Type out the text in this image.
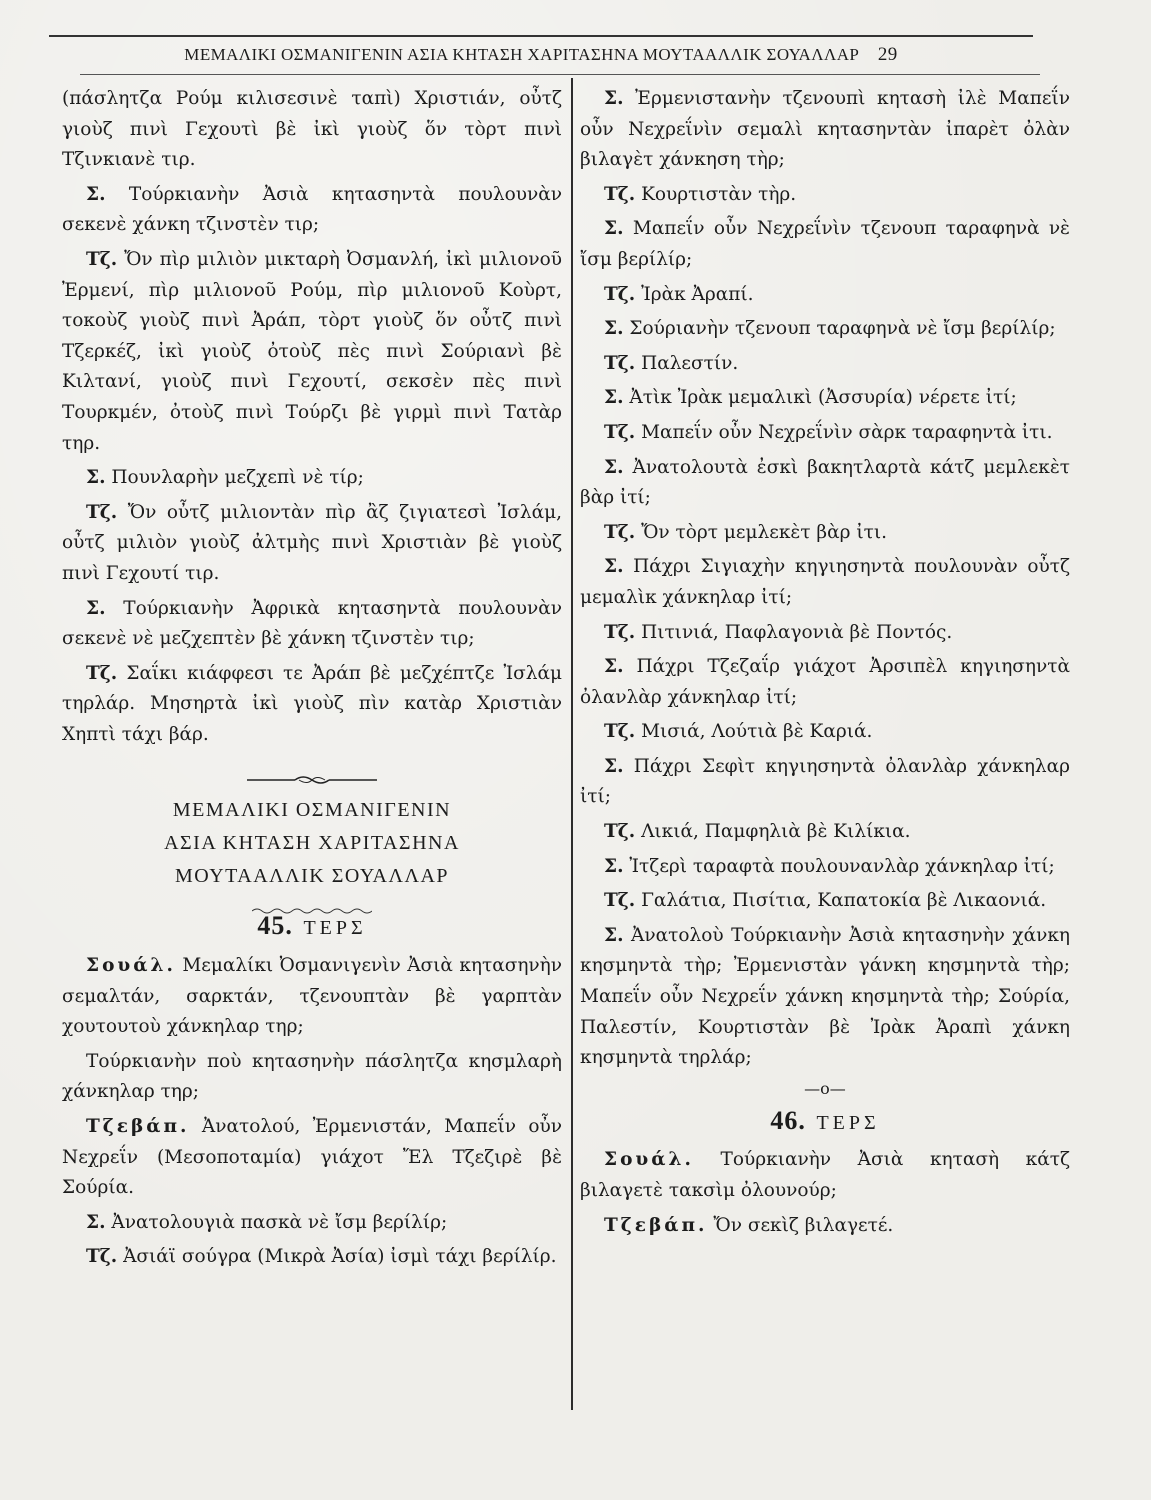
ΜΕΜΑΛΙΚΙ ΟΣΜΑΝΙΓΕΝΙΝ ΑΣΙΑ ΚΗΤΑΣΗ ΧΑΡΙΤΑΣΗΝΑ ΜΟΥΤΑΑΛΛΙΚ ΣΟΥΑΛΛΑΡ 29

(πάσλητζα Ρούμ κιλισεσινὲ ταπὶ) Χριστιάν, οὖτζ γιοὺζ πινὶ Γεχουτὶ βὲ ἰκὶ γιοὺζ ὅν τὸρτ πινὶ Τζινκιανὲ τιρ.

Σ. Τούρκιανὴν Ἀσιὰ κητασηντὰ πουλουνὰν σεκενὲ χάνκη τζινστὲν τιρ;

Τζ. Ὄν πὶρ μιλιὸν μικταρὴ Ὀσμανλή, ἰκὶ μιλιονοῦ Ἐρμενί, πὶρ μιλιονοῦ Ρούμ, πὶρ μιλιονοῦ Κοὺρτ, τοκοὺζ γιοὺζ πινὶ Ἀράπ, τὸρτ γιοὺζ ὅν οὖτζ πινὶ Τζερκέζ, ἰκὶ γιοὺζ ὀτοὺζ πὲς πινὶ Σούριανὶ βὲ Κιλτανί, γιοὺζ πινὶ Γεχουτί, σεκσὲν πὲς πινὶ Τουρκμέν, ὀτοὺζ πινὶ Τούρζι βὲ γιρμὶ πινὶ Τατὰρ τηρ.

Σ. Πουνλαρὴν μεζχεπὶ νὲ τίρ;

Τζ. Ὄν οὖτζ μιλιοντὰν πὶρ ἂζ ζιγιατεσὶ Ἰσλάμ, οὖτζ μιλιὸν γιοὺζ ἀλτμὴς πινὶ Χριστιὰν βὲ γιοὺζ πινὶ Γεχουτί τιρ.

Σ. Τούρκιανὴν Ἀφρικὰ κητασηντὰ πουλουνὰν σεκενὲ νὲ μεζχεπτὲν βὲ χάνκη τζινστὲν τιρ;

Τζ. Σαΐκι κιάφφεσι τε Ἀράπ βὲ μεζχέπτζε Ἰσλάμ τηρλάρ. Μησηρτὰ ἰκὶ γιοὺζ πὶν κατὰρ Χριστιὰν Χηπτὶ τάχι βάρ.

ΜΕΜΑΛΙΚΙ ΟΣΜΑΝΙΓΕΝΙΝ
ΑΣΙΑ ΚΗΤΑΣΗ ΧΑΡΙΤΑΣΗΝΑ
ΜΟΥΤΑΑΛΛΙΚ ΣΟΥΑΛΛΑΡ
45. ΤΕΡΣ

Σουάλ. Μεμαλίκι Ὀσμανιγενὶν Ἀσιὰ κητασηνὴν σεμαλτάν, σαρκτάν, τζενουπτὰν βὲ γαρπτὰν χουτουτοὺ χάνκηλαρ τηρ;

Τούρκιανὴν ποὺ κητασηνὴν πάσλητζα κησμλαρὴ χάνκηλαρ τηρ;

Τζεβάπ. Ἀνατολού, Ἐρμενιστάν, Μαπεΐν οὖν Νεχρεΐν (Μεσοποταμία) γιάχοτ Ἔλ Τζεζιρὲ βὲ Σούρία.

Σ. Ἀνατολουγιὰ πασκὰ νὲ ἴσμ βερίλίρ;

Τζ. Ἀσιάϊ σούγρα (Μικρὰ Ἀσία) ἰσμὶ τάχι βερίλίρ.

Σ. Ἐρμενιστανὴν τζενουπὶ κητασὴ ἰλὲ Μαπεΐν οὖν Νεχρεΐνὶν σεμαλὶ κητασηντὰν ἰπαρὲτ ὀλὰν βιλαγὲτ χάνκηση τὴρ;

Τζ. Κουρτιστὰν τὴρ.

Σ. Μαπεΐν οὖν Νεχρεΐνὶν τζενουπ ταραφηνὰ νὲ ἴσμ βερίλίρ;

Τζ. Ἰρὰκ Ἀραπί.

Σ. Σούριανὴν τζενουπ ταραφηνὰ νὲ ἴσμ βερίλίρ;

Τζ. Παλεστίν.

Σ. Ἀτὶκ Ἰρὰκ μεμαλικὶ (Ἀσσυρία) νέρετε ἰτί;

Τζ. Μαπεΐν οὖν Νεχρεΐνὶν σὰρκ ταραφηντὰ ἰτι.

Σ. Ἀνατολουτὰ ἐσκὶ βακητλαρτὰ κάτζ μεμλεκὲτ βὰρ ἰτί;

Τζ. Ὄν τὸρτ μεμλεκὲτ βὰρ ἰτι.

Σ. Πάχρι Σιγιαχὴν κηγιησηντὰ πουλουνὰν οὖτζ μεμαλὶκ χάνκηλαρ ἰτί;

Τζ. Πιτινιά, Παφλαγονιὰ βὲ Ποντός.

Σ. Πάχρι Τζεζαΐρ γιάχοτ Ἀρσιπὲλ κηγιησηντὰ ὀλανλὰρ χάνκηλαρ ἰτί;

Τζ. Μισιά, Λούτιὰ βὲ Καριά.

Σ. Πάχρι Σεφὶτ κηγιησηντὰ ὀλανλὰρ χάνκηλαρ ἰτί;

Τζ. Λικιά, Παμφηλιὰ βὲ Κιλίκια.

Σ. Ἰτζερὶ ταραφτὰ πουλουνανλὰρ χάνκηλαρ ἰτί;

Τζ. Γαλάτια, Πισίτια, Καπατοκία βὲ Λικαονιά.

Σ. Ἀνατολοὺ Τούρκιανὴν Ἀσιὰ κητασηνὴν χάνκη κησμηντὰ τὴρ; Ἐρμενιστὰν γάνκη κησμηντὰ τὴρ; Μαπεΐν οὖν Νεχρεΐν χάνκη κησμηντὰ τὴρ; Σούρία, Παλεστίν, Κουρτιστὰν βὲ Ἰρὰκ Ἀραπὶ χάνκη κησμηντὰ τηρλάρ;

—o—
46. ΤΕΡΣ

Σουάλ. Τούρκιανὴν Ἀσιὰ κητασὴ κάτζ βιλαγετὲ τακσὶμ ὀλουνούρ;

Τζεβάπ. Ὄν σεκὶζ βιλαγετέ.
